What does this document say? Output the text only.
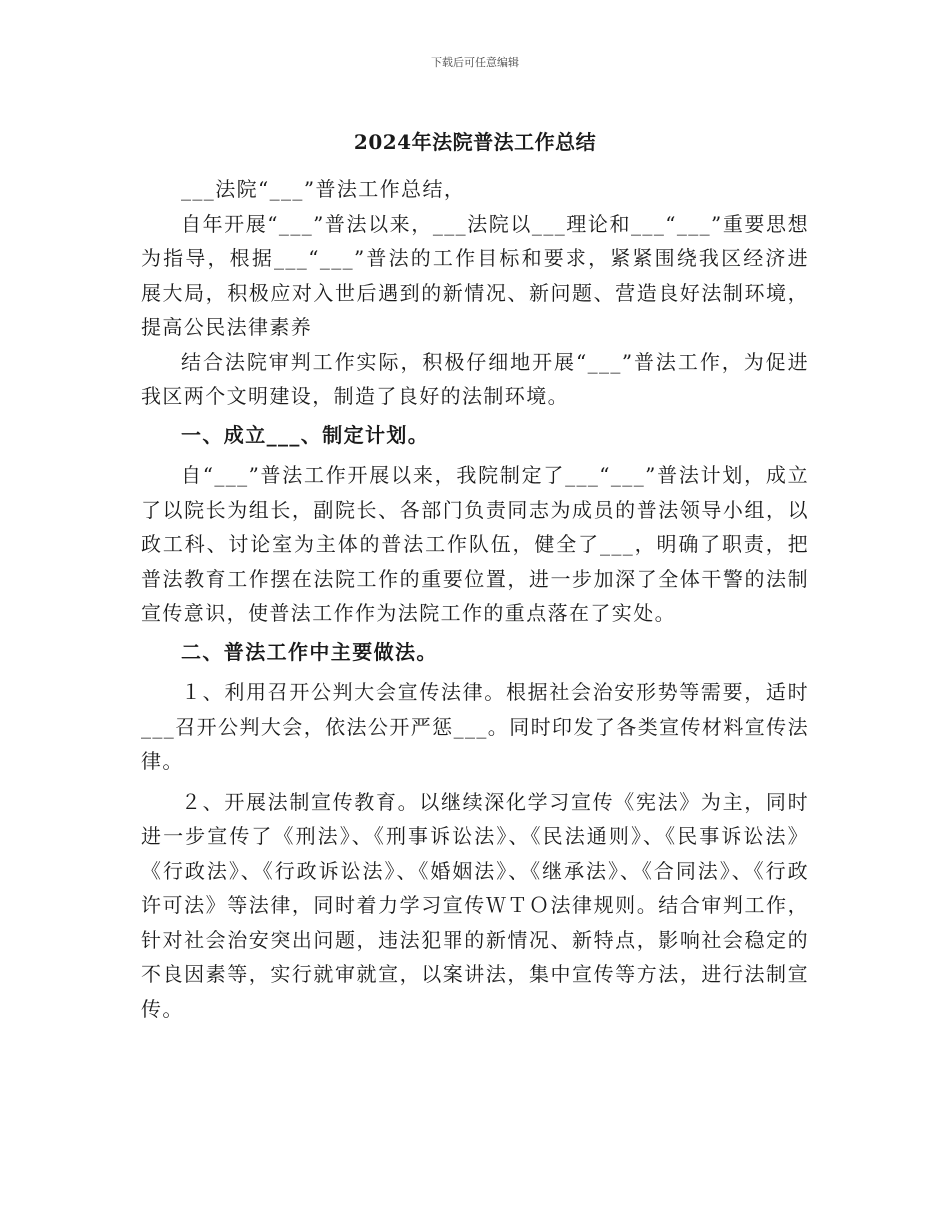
下载后可任意编辑
2024年法院普法工作总结

___法院“___”普法工作总结，

自年开展“___”普法以来，___法院以___理论和___“___”重要思想为指导，根据___“___”普法的工作目标和要求，紧紧围绕我区经济进展大局，积极应对入世后遇到的新情况、新问题、营造良好法制环境，提高公民法律素养

结合法院审判工作实际，积极仔细地开展“___”普法工作，为促进我区两个文明建设，制造了良好的法制环境。

一、成立___、制定计划。

自“___”普法工作开展以来，我院制定了___“___”普法计划，成立了以院长为组长，副院长、各部门负责同志为成员的普法领导小组，以政工科、讨论室为主体的普法工作队伍，健全了___，明确了职责，把普法教育工作摆在法院工作的重要位置，进一步加深了全体干警的法制宣传意识，使普法工作作为法院工作的重点落在了实处。

二、普法工作中主要做法。

１、利用召开公判大会宣传法律。根据社会治安形势等需要，适时___召开公判大会，依法公开严惩___。同时印发了各类宣传材料宣传法律。

２、开展法制宣传教育。以继续深化学习宣传《宪法》为主，同时进一步宣传了《刑法》、《刑事诉讼法》、《民法通则》、《民事诉讼法》《行政法》、《行政诉讼法》、《婚姻法》、《继承法》、《合同法》、《行政许可法》等法律，同时着力学习宣传ＷＴＯ法律规则。结合审判工作，针对社会治安突出问题，违法犯罪的新情况、新特点，影响社会稳定的不良因素等，实行就审就宣，以案讲法，集中宣传等方法，进行法制宣传。
